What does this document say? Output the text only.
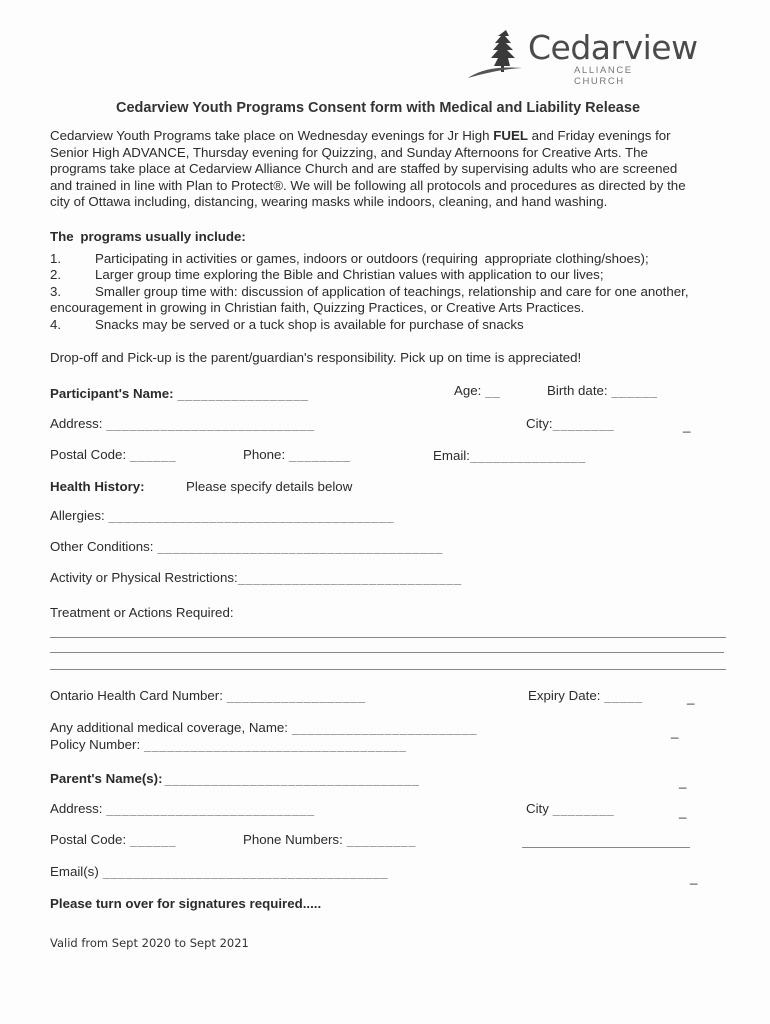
Cedarview
ALLIANCE CHURCH
Cedarview Youth Programs Consent form with Medical and Liability Release
Cedarview Youth Programs take place on Wednesday evenings for Jr High FUEL and Friday evenings for
Senior High ADVANCE, Thursday evening for Quizzing, and Sunday Afternoons for Creative Arts. The
programs take place at Cedarview Alliance Church and are staffed by supervising adults who are screened
and trained in line with Plan to Protect®. We will be following all protocols and procedures as directed by the
city of Ottawa including, distancing, wearing masks while indoors, cleaning, and hand washing.
The programs usually include:
1.	Participating in activities or games, indoors or outdoors (requiring appropriate clothing/shoes);
2.	Larger group time exploring the Bible and Christian values with application to our lives;
3.	Smaller group time with: discussion of application of teachings, relationship and care for one another,
encouragement in growing in Christian faith, Quizzing Practices, or Creative Arts Practices.
4.	Snacks may be served or a tuck shop is available for purchase of snacks
Drop-off and Pick-up is the parent/guardian's responsibility. Pick up on time is appreciated!
Participant's Name: _________________	Age: __	Birth date: ______
Address: ___________________________	City:________	_
Postal Code: ______	Phone: ________	Email:_______________
Health History:	Please specify details below
Allergies: _____________________________________
Other Conditions: _____________________________________
Activity or Physical Restrictions:_____________________________
Treatment or Actions Required:
Ontario Health Card Number: __________________	Expiry Date: _____	_
Any additional medical coverage, Name: ________________________	_
Policy Number: __________________________________
Parent's Name(s): _________________________________	_
Address: ___________________________	City ________	_
Postal Code: ______	Phone Numbers: _________
Email(s) _____________________________________	_
Please turn over for signatures required.....
Valid from Sept 2020 to Sept 2021
